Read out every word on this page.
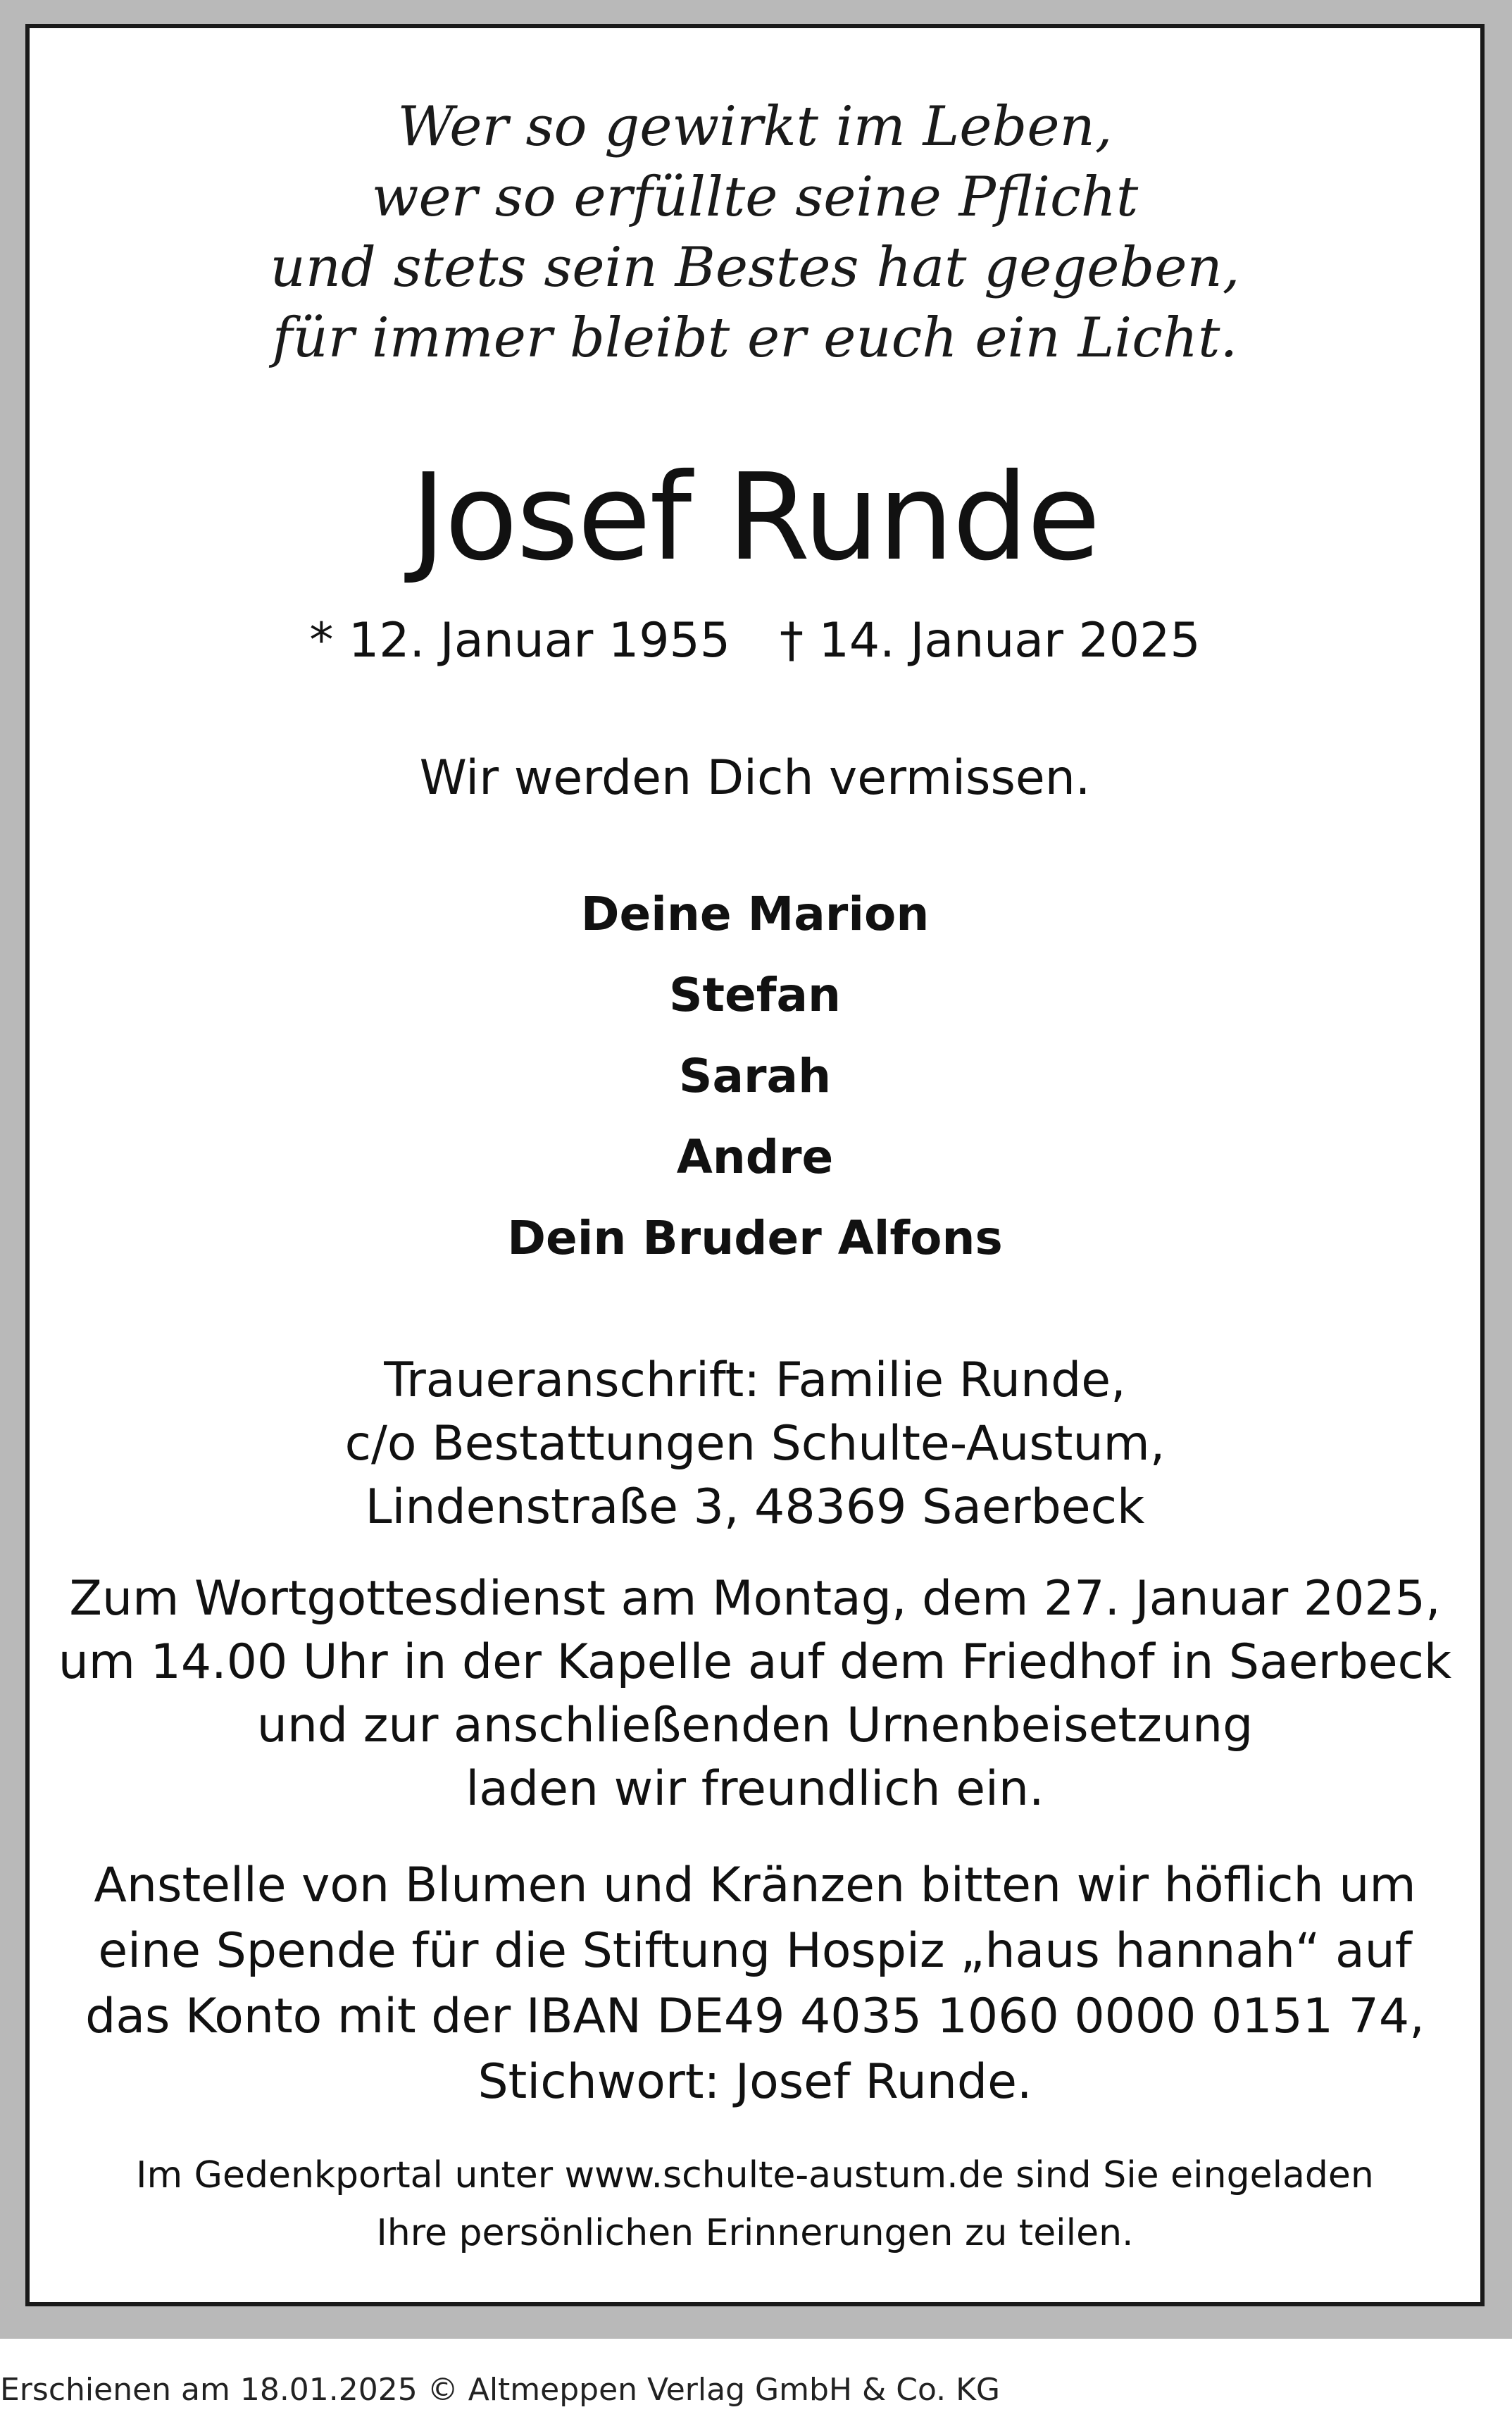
Wer so gewirkt im Leben,
wer so erfüllte seine Pflicht
und stets sein Bestes hat gegeben,
für immer bleibt er euch ein Licht.
Josef Runde
* 12. Januar 1955 † 14. Januar 2025
Wir werden Dich vermissen.
Deine Marion
Stefan
Sarah
Andre
Dein Bruder Alfons
Traueranschrift: Familie Runde,
c/o Bestattungen Schulte-Austum,
Lindenstraße 3, 48369 Saerbeck
Zum Wortgottesdienst am Montag, dem 27. Januar 2025,
um 14.00 Uhr in der Kapelle auf dem Friedhof in Saerbeck
und zur anschließenden Urnenbeisetzung
laden wir freundlich ein.
Anstelle von Blumen und Kränzen bitten wir höflich um
eine Spende für die Stiftung Hospiz „haus hannah“ auf
das Konto mit der IBAN DE49 4035 1060 0000 0151 74,
Stichwort: Josef Runde.
Im Gedenkportal unter www.schulte-austum.de sind Sie eingeladen
Ihre persönlichen Erinnerungen zu teilen.
Erschienen am 18.01.2025 © Altmeppen Verlag GmbH & Co. KG
